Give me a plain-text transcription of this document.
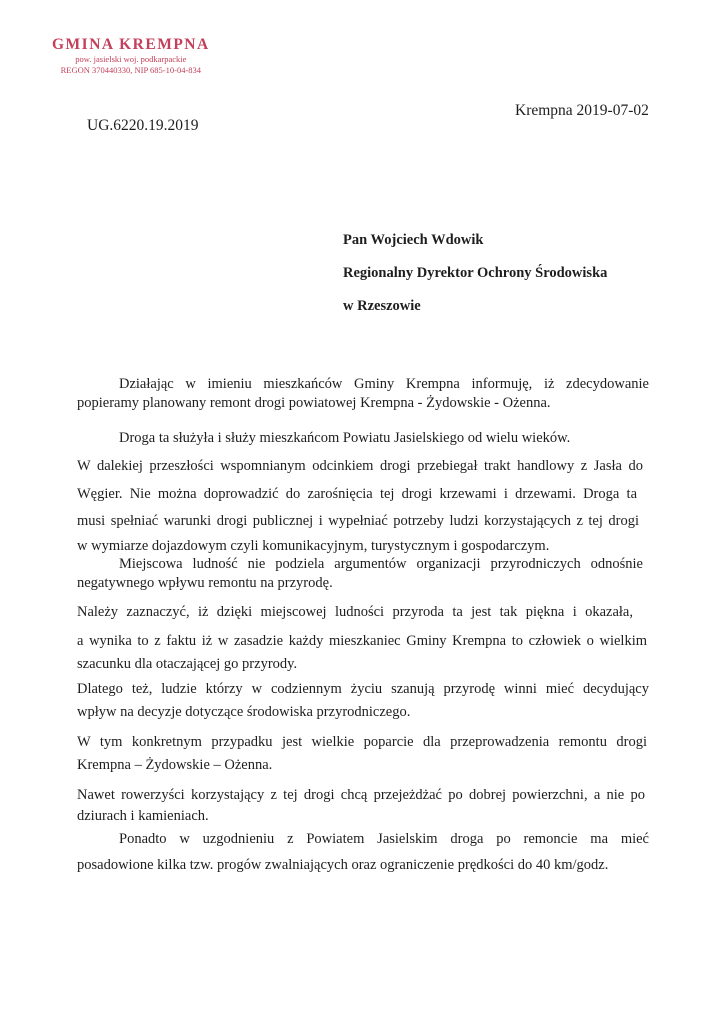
GMINA KREMPNA
pow. jasielski woj. podkarpackie
REGON 370440330, NIP 685-10-04-834
Krempna 2019-07-02
UG.6220.19.2019
Pan Wojciech Wdowik
Regionalny Dyrektor Ochrony Środowiska
w Rzeszowie
Działając w imieniu mieszkańców Gminy Krempna informuję, iż zdecydowanie
popieramy planowany remont drogi powiatowej Krempna - Żydowskie - Ożenna.
Droga ta służyła i służy mieszkańcom Powiatu Jasielskiego od wielu wieków.
W dalekiej przeszłości wspomnianym odcinkiem drogi przebiegał trakt handlowy z Jasła do
Węgier. Nie można doprowadzić do zarośnięcia tej drogi krzewami i drzewami. Droga ta
musi spełniać warunki drogi publicznej i wypełniać potrzeby ludzi korzystających z tej drogi
w wymiarze dojazdowym czyli komunikacyjnym, turystycznym i gospodarczym.
Miejscowa ludność nie podziela argumentów organizacji przyrodniczych odnośnie
negatywnego wpływu remontu na przyrodę.
Należy zaznaczyć, iż dzięki miejscowej ludności przyroda ta jest tak piękna i okazała,
a wynika to z faktu iż w zasadzie każdy mieszkaniec Gminy Krempna to człowiek o wielkim
szacunku dla otaczającej go przyrody.
Dlatego też, ludzie którzy w codziennym życiu szanują przyrodę winni mieć decydujący
wpływ na decyzje dotyczące środowiska przyrodniczego.
W tym konkretnym przypadku jest wielkie poparcie dla przeprowadzenia remontu drogi
Krempna – Żydowskie – Ożenna.
Nawet rowerzyści korzystający z tej drogi chcą przejeżdżać po dobrej powierzchni, a nie po
dziurach i kamieniach.
Ponadto w uzgodnieniu z Powiatem Jasielskim droga po remoncie ma mieć
posadowione kilka tzw. progów zwalniających oraz ograniczenie prędkości do 40 km/godz.
